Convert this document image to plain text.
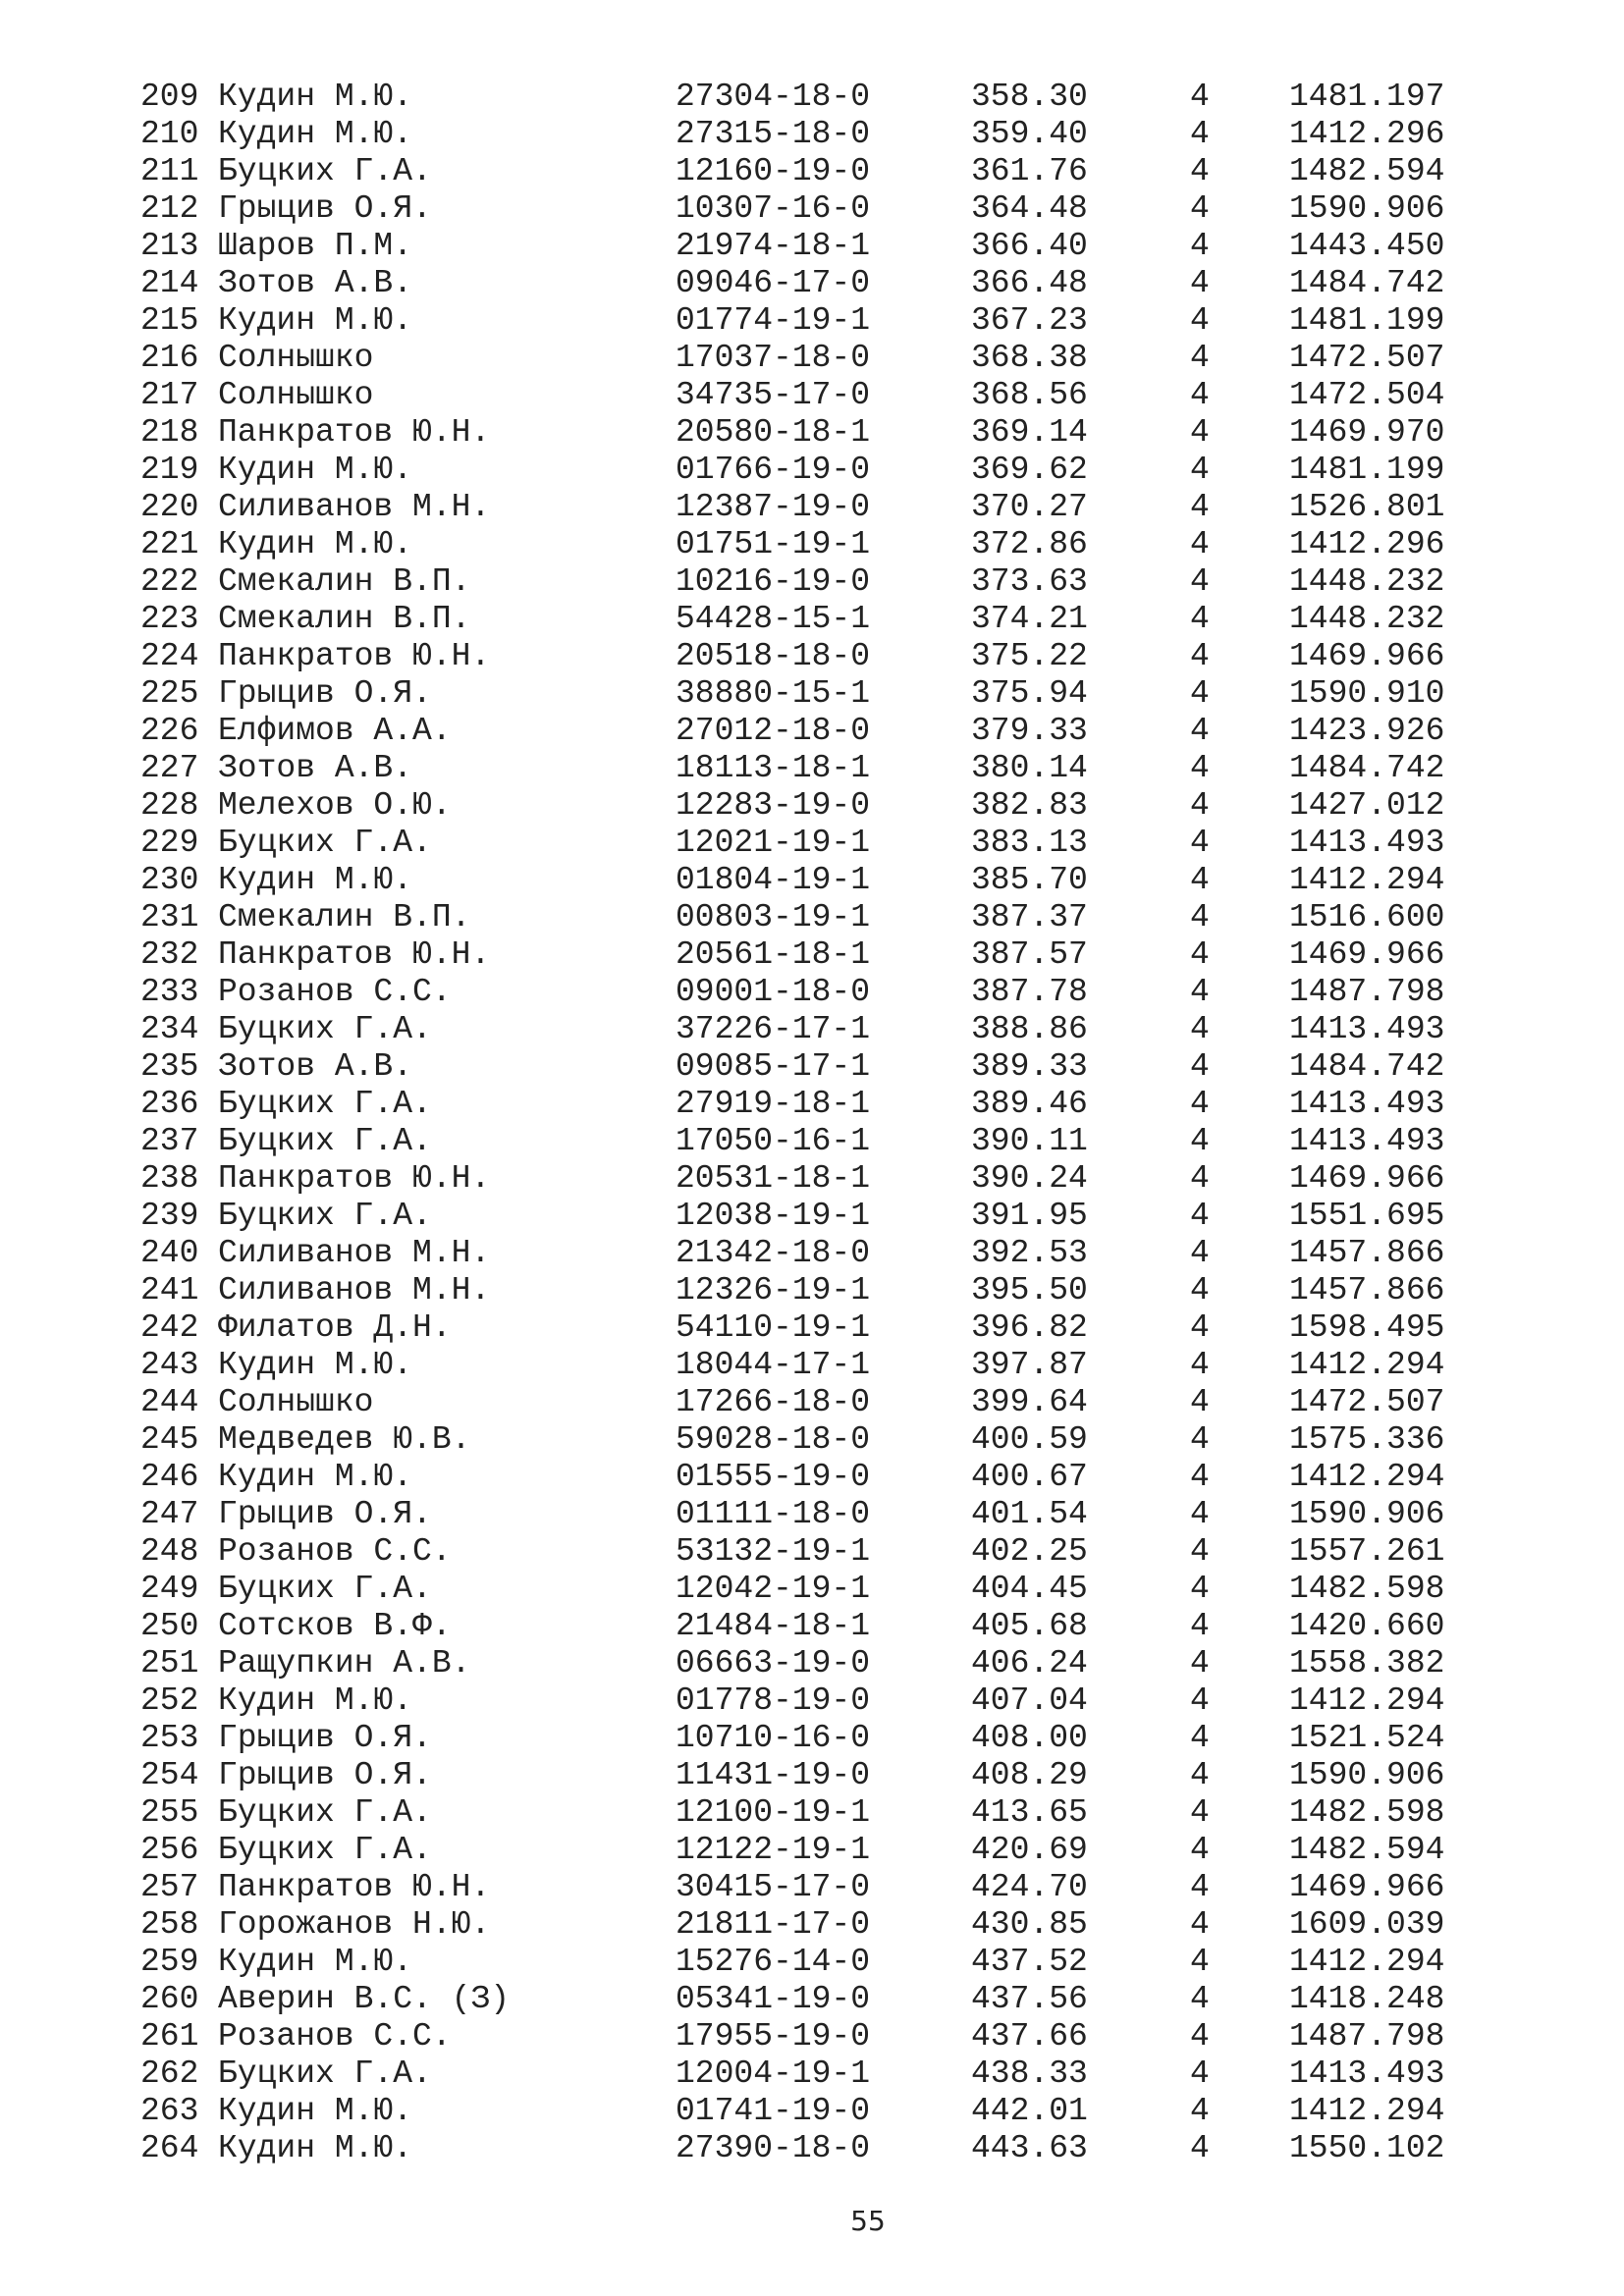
209 Кудин М.Ю.	27304-18-0	358.30	4 1481.197
210 Кудин М.Ю.	27315-18-0	359.40	4 1412.296
211 Буцких Г.А.	12160-19-0	361.76	4 1482.594
212 Грыцив О.Я.	10307-16-0	364.48	4 1590.906
213 Шаров П.М.	21974-18-1	366.40	4 1443.450
214 Зотов А.В.	09046-17-0	366.48	4 1484.742
215 Кудин М.Ю.	01774-19-1	367.23	4 1481.199
216 Солнышко	17037-18-0	368.38	4 1472.507
217 Солнышко	34735-17-0	368.56	4 1472.504
218 Панкратов Ю.Н.	20580-18-1	369.14	4 1469.970
219 Кудин М.Ю.	01766-19-0	369.62	4 1481.199
220 Силиванов М.Н.	12387-19-0	370.27	4 1526.801
221 Кудин М.Ю.	01751-19-1	372.86	4 1412.296
222 Смекалин В.П.	10216-19-0	373.63	4 1448.232
223 Смекалин В.П.	54428-15-1	374.21	4 1448.232
224 Панкратов Ю.Н.	20518-18-0	375.22	4 1469.966
225 Грыцив О.Я.	38880-15-1	375.94	4 1590.910
226 Елфимов А.А.	27012-18-0	379.33	4 1423.926
227 Зотов А.В.	18113-18-1	380.14	4 1484.742
228 Мелехов О.Ю.	12283-19-0	382.83	4 1427.012
229 Буцких Г.А.	12021-19-1	383.13	4 1413.493
230 Кудин М.Ю.	01804-19-1	385.70	4 1412.294
231 Смекалин В.П.	00803-19-1	387.37	4 1516.600
232 Панкратов Ю.Н.	20561-18-1	387.57	4 1469.966
233 Розанов С.С.	09001-18-0	387.78	4 1487.798
234 Буцких Г.А.	37226-17-1	388.86	4 1413.493
235 Зотов А.В.	09085-17-1	389.33	4 1484.742
236 Буцких Г.А.	27919-18-1	389.46	4 1413.493
237 Буцких Г.А.	17050-16-1	390.11	4 1413.493
238 Панкратов Ю.Н.	20531-18-1	390.24	4 1469.966
239 Буцких Г.А.	12038-19-1	391.95	4 1551.695
240 Силиванов М.Н.	21342-18-0	392.53	4 1457.866
241 Силиванов М.Н.	12326-19-1	395.50	4 1457.866
242 Филатов Д.Н.	54110-19-1	396.82	4 1598.495
243 Кудин М.Ю.	18044-17-1	397.87	4 1412.294
244 Солнышко	17266-18-0	399.64	4 1472.507
245 Медведев Ю.В.	59028-18-0	400.59	4 1575.336
246 Кудин М.Ю.	01555-19-0	400.67	4 1412.294
247 Грыцив О.Я.	01111-18-0	401.54	4 1590.906
248 Розанов С.С.	53132-19-1	402.25	4 1557.261
249 Буцких Г.А.	12042-19-1	404.45	4 1482.598
250 Сотсков В.Ф.	21484-18-1	405.68	4 1420.660
251 Ращупкин А.В.	06663-19-0	406.24	4 1558.382
252 Кудин М.Ю.	01778-19-0	407.04	4 1412.294
253 Грыцив О.Я.	10710-16-0	408.00	4 1521.524
254 Грыцив О.Я.	11431-19-0	408.29	4 1590.906
255 Буцких Г.А.	12100-19-1	413.65	4 1482.598
256 Буцких Г.А.	12122-19-1	420.69	4 1482.594
257 Панкратов Ю.Н.	30415-17-0	424.70	4 1469.966
258 Горожанов Н.Ю.	21811-17-0	430.85	4 1609.039
259 Кудин М.Ю.	15276-14-0	437.52	4 1412.294
260 Аверин В.С. (З)	05341-19-0	437.56	4 1418.248
261 Розанов С.С.	17955-19-0	437.66	4 1487.798
262 Буцких Г.А.	12004-19-1	438.33	4 1413.493
263 Кудин М.Ю.	01741-19-0	442.01	4 1412.294
264 Кудин М.Ю.	27390-18-0	443.63	4 1550.102
55
